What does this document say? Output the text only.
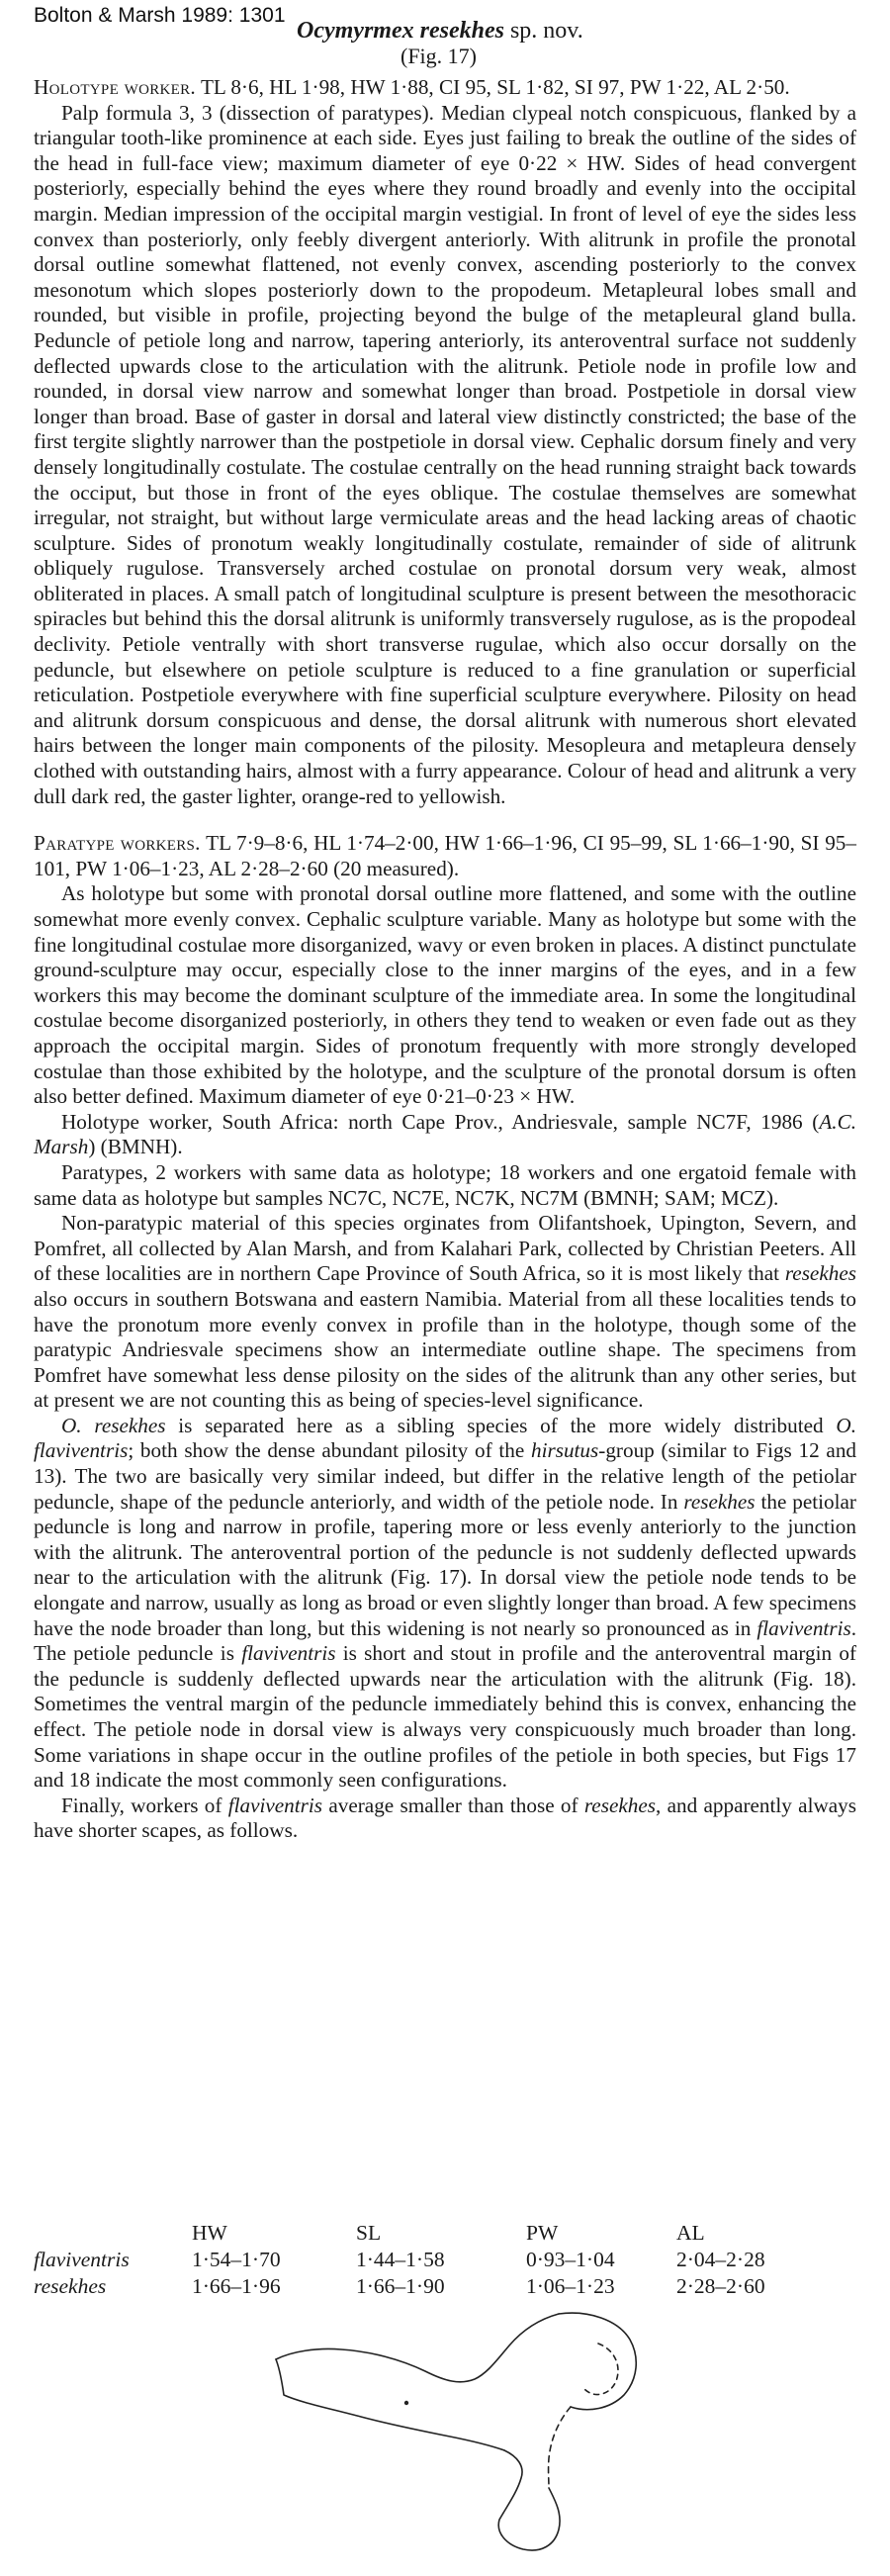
Bolton & Marsh 1989: 1301
Ocymyrmex resekhes sp. nov.
(Fig. 17)

Holotype worker. TL 8·6, HL 1·98, HW 1·88, CI 95, SL 1·82, SI 97, PW 1·22, AL 2·50.

Palp formula 3, 3 (dissection of paratypes). Median clypeal notch conspicuous, flanked by a triangular tooth-like prominence at each side. Eyes just failing to break the outline of the sides of the head in full-face view; maximum diameter of eye 0·22 × HW. Sides of head convergent posteriorly, especially behind the eyes where they round broadly and evenly into the occipital margin. Median impression of the occipital margin vestigial. In front of level of eye the sides less convex than posteriorly, only feebly divergent anteriorly. With alitrunk in profile the pronotal dorsal outline somewhat flattened, not evenly convex, ascending posteriorly to the convex mesonotum which slopes posteriorly down to the propodeum. Metapleural lobes small and rounded, but visible in profile, projecting beyond the bulge of the metapleural gland bulla. Peduncle of petiole long and narrow, tapering anteriorly, its anteroventral surface not suddenly deflected upwards close to the articulation with the alitrunk. Petiole node in profile low and rounded, in dorsal view narrow and somewhat longer than broad. Postpetiole in dorsal view longer than broad. Base of gaster in dorsal and lateral view distinctly constricted; the base of the first tergite slightly narrower than the postpetiole in dorsal view. Cephalic dorsum finely and very densely longitudinally costulate. The costulae centrally on the head running straight back towards the occiput, but those in front of the eyes oblique. The costulae themselves are somewhat irregular, not straight, but without large vermiculate areas and the head lacking areas of chaotic sculpture. Sides of pronotum weakly longitudinally costulate, remainder of side of alitrunk obliquely rugulose. Transversely arched costulae on pronotal dorsum very weak, almost obliterated in places. A small patch of longitudinal sculpture is present between the mesothoracic spiracles but behind this the dorsal alitrunk is uniformly transversely rugulose, as is the propodeal declivity. Petiole ventrally with short transverse rugulae, which also occur dorsally on the peduncle, but elsewhere on petiole sculpture is reduced to a fine granulation or superficial reticulation. Postpetiole everywhere with fine superficial sculpture everywhere. Pilosity on head and alitrunk dorsum conspicuous and dense, the dorsal alitrunk with numerous short elevated hairs between the longer main components of the pilosity. Mesopleura and metapleura densely clothed with outstanding hairs, almost with a furry appearance. Colour of head and alitrunk a very dull dark red, the gaster lighter, orange-red to yellowish.

Paratype workers. TL 7·9–8·6, HL 1·74–2·00, HW 1·66–1·96, CI 95–99, SL 1·66–1·90, SI 95–101, PW 1·06–1·23, AL 2·28–2·60 (20 measured).

As holotype but some with pronotal dorsal outline more flattened, and some with the outline somewhat more evenly convex. Cephalic sculpture variable. Many as holotype but some with the fine longitudinal costulae more disorganized, wavy or even broken in places. A distinct punctulate ground-sculpture may occur, especially close to the inner margins of the eyes, and in a few workers this may become the dominant sculpture of the immediate area. In some the longitudinal costulae become disorganized posteriorly, in others they tend to weaken or even fade out as they approach the occipital margin. Sides of pronotum frequently with more strongly developed costulae than those exhibited by the holotype, and the sculpture of the pronotal dorsum is often also better defined. Maximum diameter of eye 0·21–0·23 × HW.

Holotype worker, South Africa: north Cape Prov., Andriesvale, sample NC7F, 1986 (A.C. Marsh) (BMNH).

Paratypes, 2 workers with same data as holotype; 18 workers and one ergatoid female with same data as holotype but samples NC7C, NC7E, NC7K, NC7M (BMNH; SAM; MCZ).

Non-paratypic material of this species orginates from Olifantshoek, Upington, Severn, and Pomfret, all collected by Alan Marsh, and from Kalahari Park, collected by Christian Peeters. All of these localities are in northern Cape Province of South Africa, so it is most likely that resekhes also occurs in southern Botswana and eastern Namibia. Material from all these localities tends to have the pronotum more evenly convex in profile than in the holotype, though some of the paratypic Andriesvale specimens show an intermediate outline shape. The specimens from Pomfret have somewhat less dense pilosity on the sides of the alitrunk than any other series, but at present we are not counting this as being of species-level significance.

O. resekhes is separated here as a sibling species of the more widely distributed O. flaviventris; both show the dense abundant pilosity of the hirsutus-group (similar to Figs 12 and 13). The two are basically very similar indeed, but differ in the relative length of the petiolar peduncle, shape of the peduncle anteriorly, and width of the petiole node. In resekhes the petiolar peduncle is long and narrow in profile, tapering more or less evenly anteriorly to the junction with the alitrunk. The anteroventral portion of the peduncle is not suddenly deflected upwards near to the articulation with the alitrunk (Fig. 17). In dorsal view the petiole node tends to be elongate and narrow, usually as long as broad or even slightly longer than broad. A few specimens have the node broader than long, but this widening is not nearly so pronounced as in flaviventris. The petiole peduncle is flaviventris is short and stout in profile and the anteroventral margin of the peduncle is suddenly deflected upwards near the articulation with the alitrunk (Fig. 18). Sometimes the ventral margin of the peduncle immediately behind this is convex, enhancing the effect. The petiole node in dorsal view is always very conspicuously much broader than long. Some variations in shape occur in the outline profiles of the petiole in both species, but Figs 17 and 18 indicate the most commonly seen configurations.

Finally, workers of flaviventris average smaller than those of resekhes, and apparently always have shorter scapes, as follows.

HW	SL	PW	AL
flaviventris	1·54–1·70	1·44–1·58	0·93–1·04	2·04–2·28
resekhes	1·66–1·96	1·66–1·90	1·06–1·23	2·28–2·60
